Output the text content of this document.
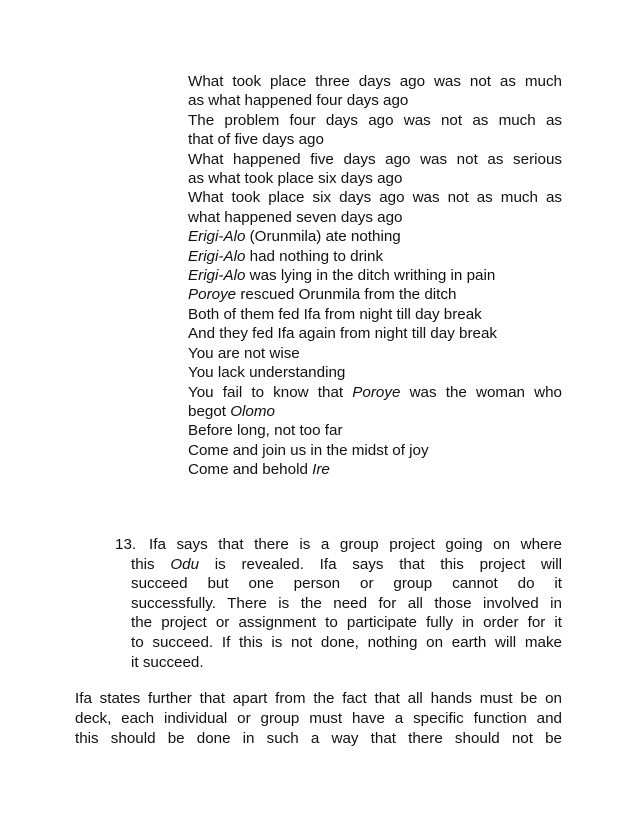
What took place three days ago was not as much
as what happened four days ago
The problem four days ago was not as much as
that of five days ago
What happened five days ago was not as serious
as what took place six days ago
What took place six days ago was not as much as
what happened seven days ago
Erigi-Alo (Orunmila) ate nothing
Erigi-Alo had nothing to drink
Erigi-Alo was lying in the ditch writhing in pain
Poroye rescued Orunmila from the ditch
Both of them fed Ifa from night till day break
And they fed Ifa again from night till day break
You are not wise
You lack understanding
You fail to know that Poroye was the woman who
begot Olomo
Before long, not too far
Come and join us in the midst of joy
Come and behold Ire
13. Ifa says that there is a group project going on where
this Odu is revealed. Ifa says that this project will
succeed but one person or group cannot do it
successfully. There is the need for all those involved in
the project or assignment to participate fully in order for it
to succeed. If this is not done, nothing on earth will make
it succeed.
Ifa states further that apart from the fact that all hands must be on
deck, each individual or group must have a specific function and
this should be done in such a way that there should not be
